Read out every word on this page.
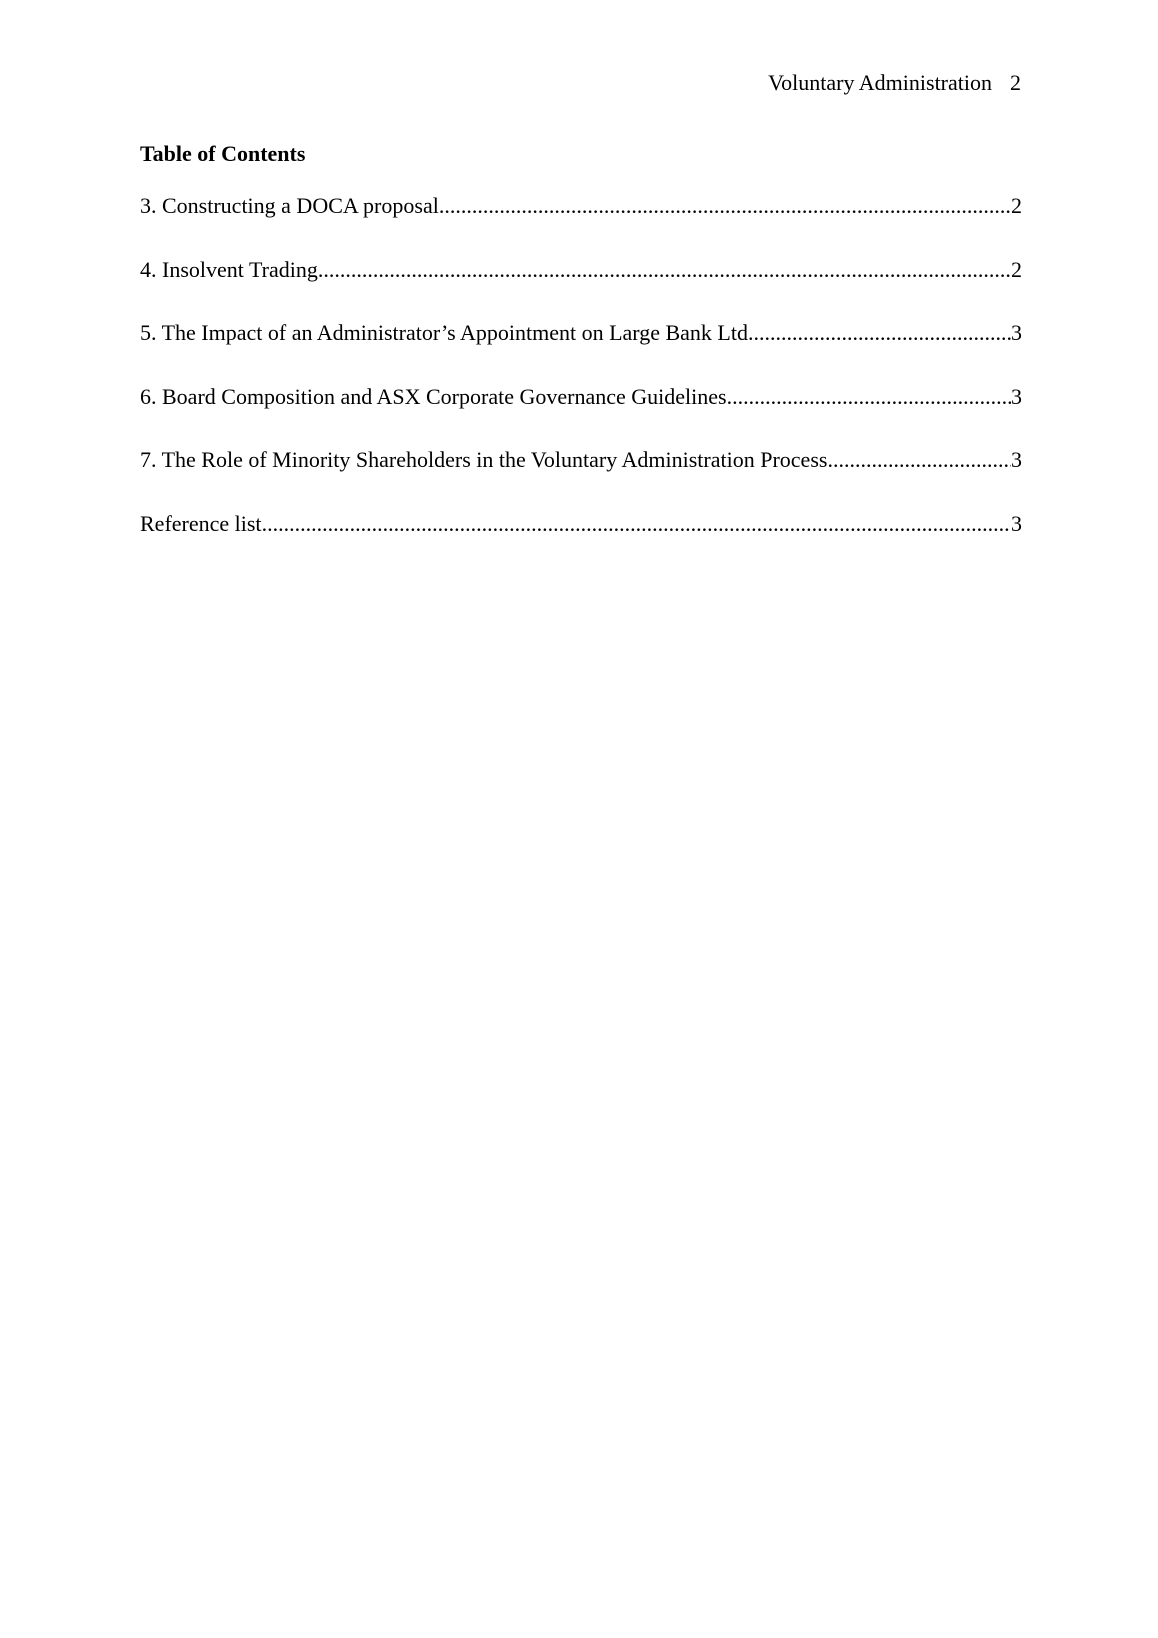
Voluntary Administration 2
Table of Contents
3. Constructing a DOCA proposal .....	2
4. Insolvent Trading .....	2
5. The Impact of an Administrator’s Appointment on Large Bank Ltd .....	3
6. Board Composition and ASX Corporate Governance Guidelines .....	3
7. The Role of Minority Shareholders in the Voluntary Administration Process .....	3
Reference list .....	3
